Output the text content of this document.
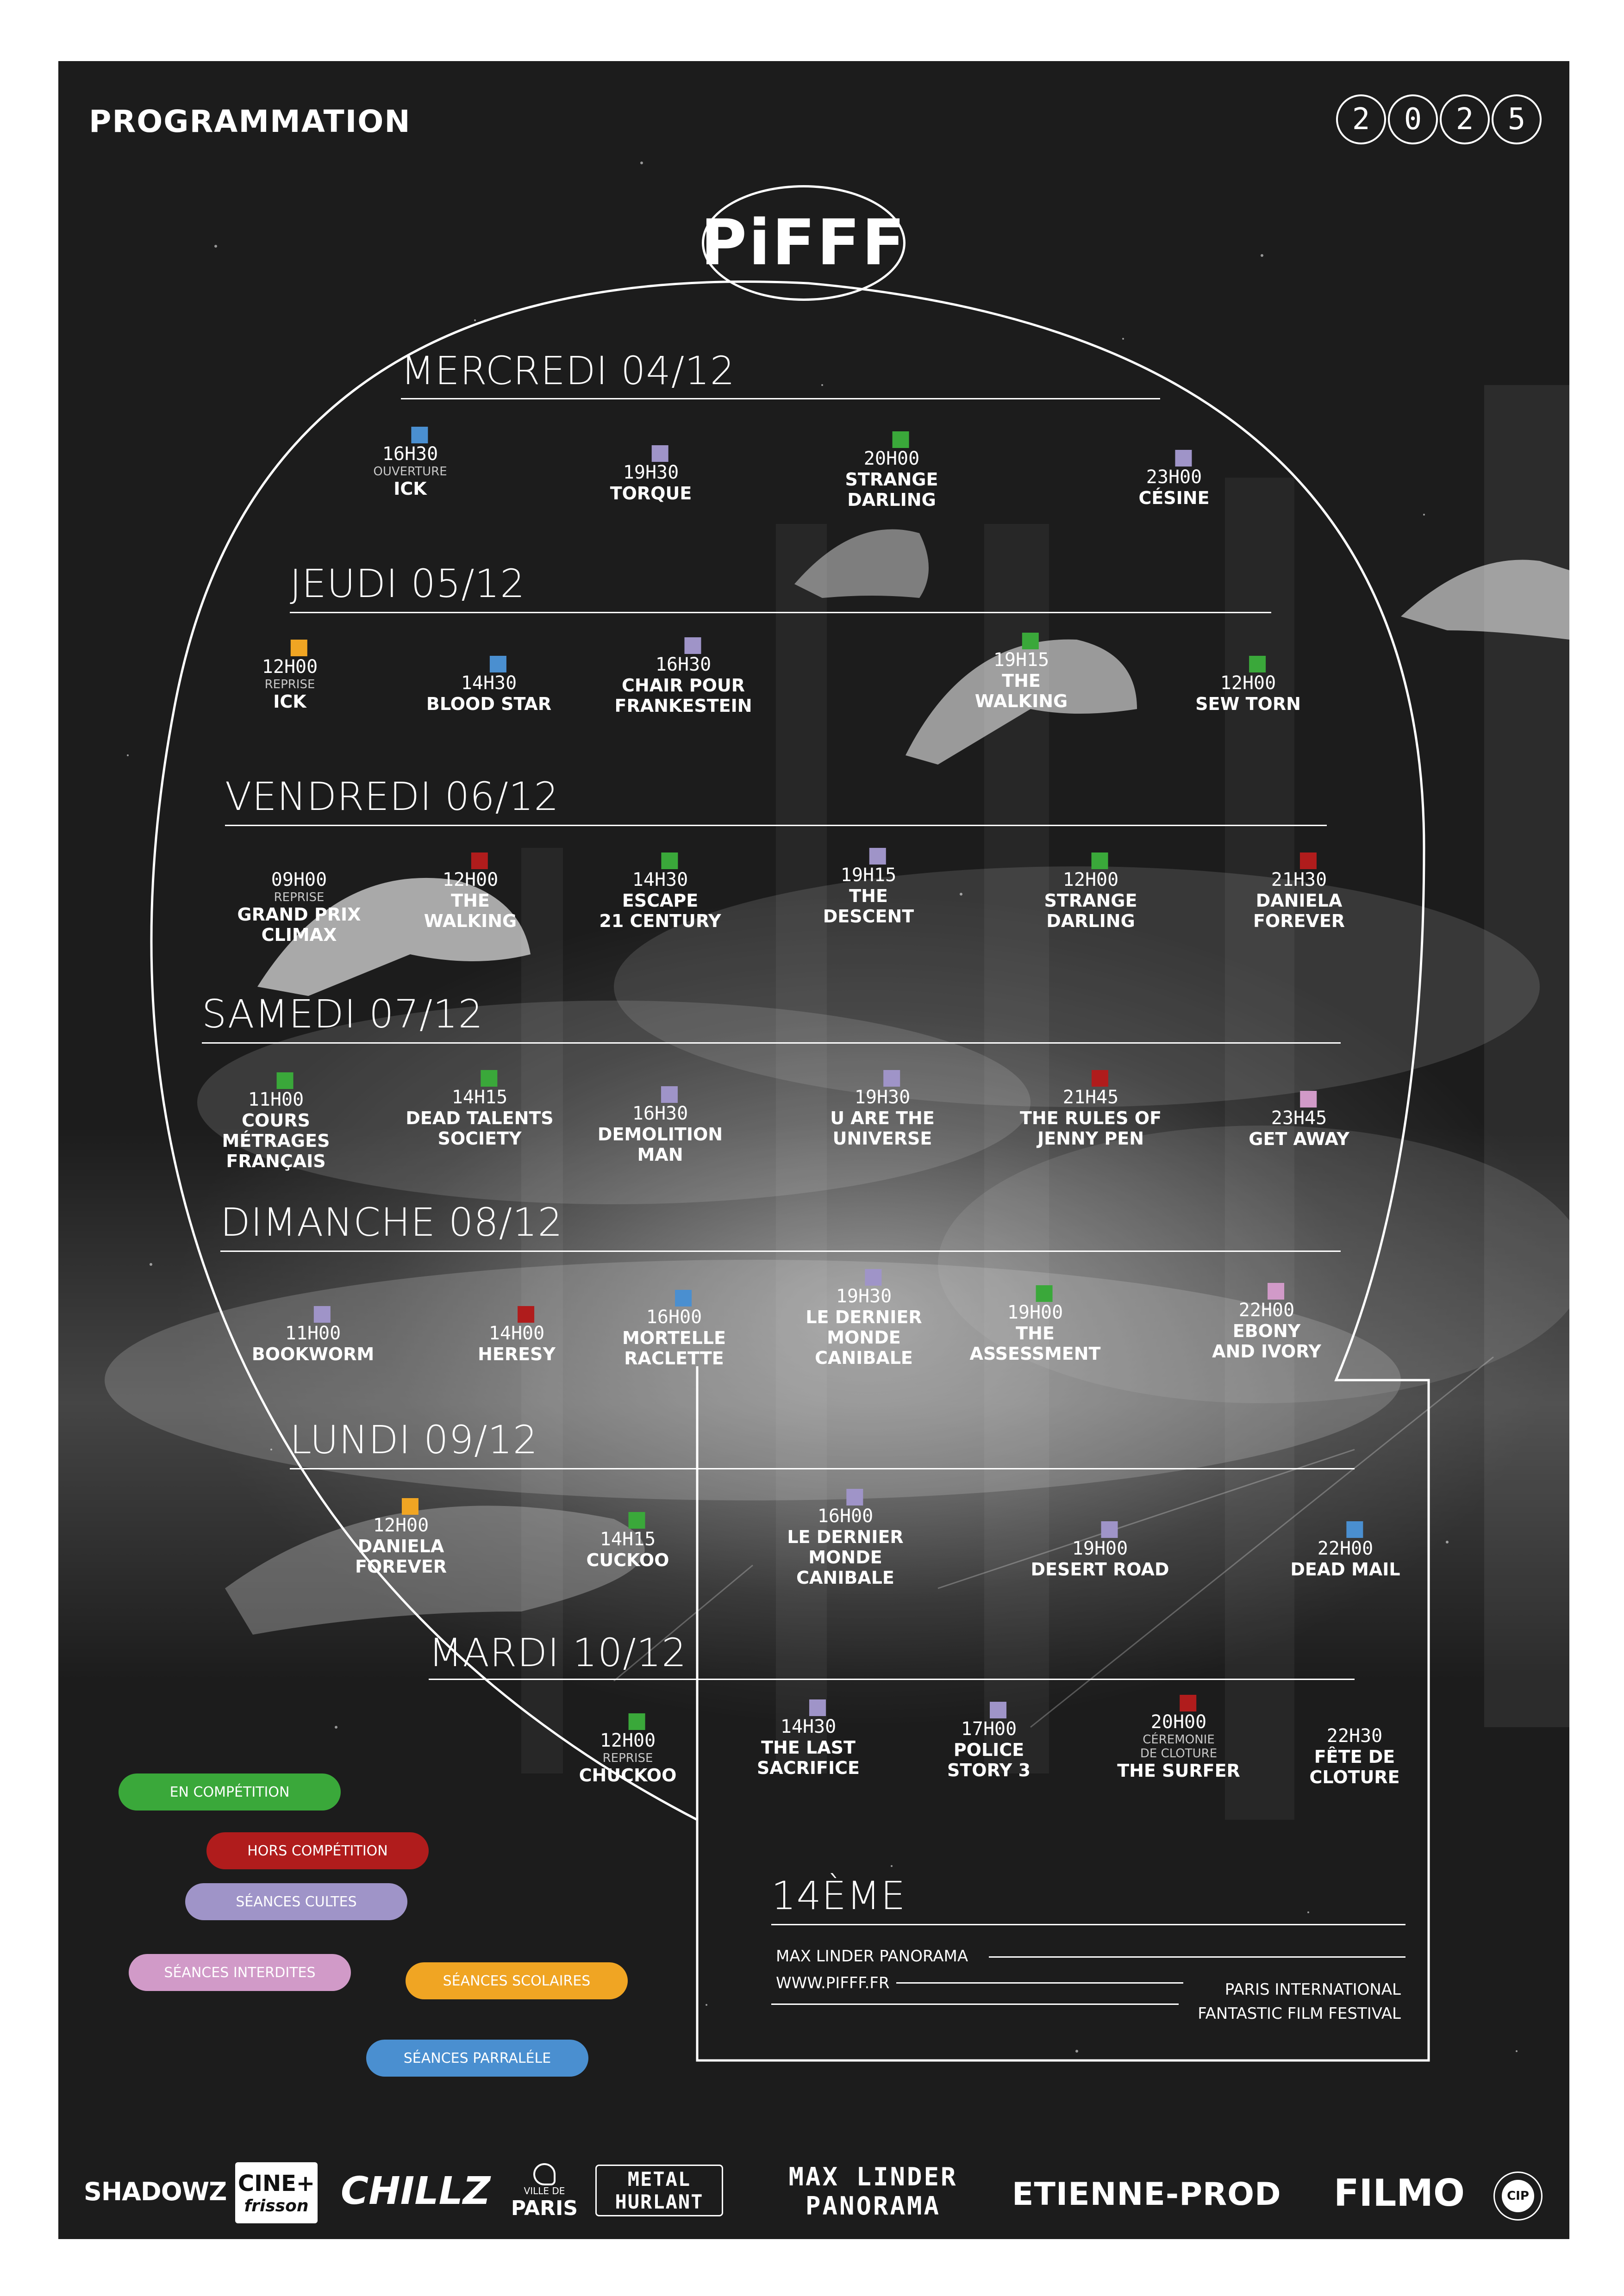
PROGRAMMATION	2	0	2	5
PiFFF
MERCREDI 04/12
16H30
OUVERTURE
ICK
19H30
TORQUE
20H00
STRANGE
DARLING
23H00
CÉSINE
JEUDI 05/12
12H00
REPRISE
ICK
14H30
BLOOD STAR
16H30
CHAIR POUR
FRANKESTEIN
19H15
THE
WALKING
12H00
SEW TORN
VENDREDI 06/12
09H00
REPRISE
GRAND PRIX
CLIMAX
12H00
THE
WALKING
14H30
ESCAPE
21 CENTURY
19H15
THE
DESCENT
12H00
STRANGE
DARLING
21H30
DANIELA
FOREVER
SAMEDI 07/12
11H00
COURS
MÉTRAGES
FRANÇAIS
14H15
DEAD TALENTS
SOCIETY
16H30
DEMOLITION
MAN
19H30
U ARE THE
UNIVERSE
21H45
THE RULES OF
JENNY PEN
23H45
GET AWAY
DIMANCHE 08/12
11H00
BOOKWORM
14H00
HERESY
16H00
MORTELLE
RACLETTE
19H30
LE DERNIER
MONDE
CANIBALE
19H00
THE
ASSESSMENT
22H00
EBONY
AND IVORY
LUNDI 09/12
12H00
DANIELA
FOREVER
14H15
CUCKOO
16H00
LE DERNIER
MONDE
CANIBALE
19H00
DESERT ROAD
22H00
DEAD MAIL
MARDI 10/12
12H00
REPRISE
CHUCKOO
14H30
THE LAST
SACRIFICE
17H00
POLICE
STORY 3
20H00
CÉREMONIE
DE CLOTURE
THE SURFER
22H30
FÊTE DE
CLOTURE
EN COMPÉTITION
HORS COMPÉTITION
SÉANCES CULTES
SÉANCES INTERDITES
SÉANCES SCOLAIRES
SÉANCES PARRALÉLE
14ÈME
MAX LINDER PANORAMA
WWW.PIFFF.FR	PARIS INTERNATIONAL
FANTASTIC FILM FESTIVAL
SHADOWZ CINE+
frisson CHILLZ	VILLE DE
PARIS
METAL
HURLANT
MAX LINDER
PANORAMA	ETIENNE-PROD FILMO	CIP
